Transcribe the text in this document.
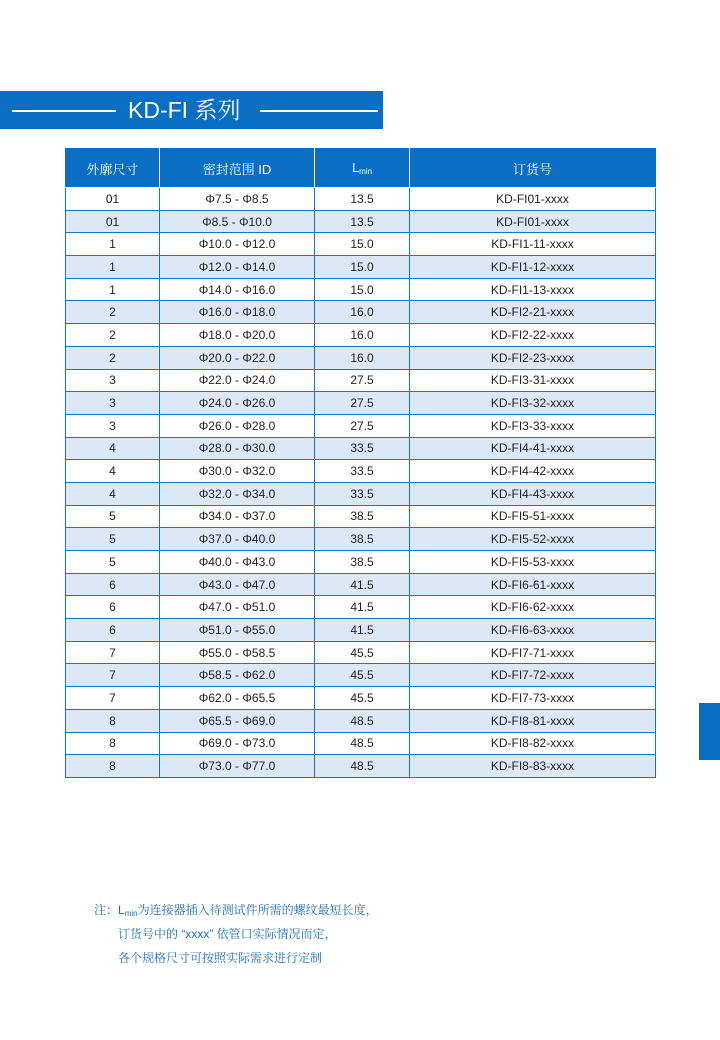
KD-FI 系列
外廓尺寸	密封范围 ID	Lmin	订货号
01	Φ7.5 - Φ8.5	13.5	KD-FI01-xxxx
01	Φ8.5 - Φ10.0	13.5	KD-FI01-xxxx
1	Φ10.0 - Φ12.0	15.0	KD-FI1-11-xxxx
1	Φ12.0 - Φ14.0	15.0	KD-FI1-12-xxxx
1	Φ14.0 - Φ16.0	15.0	KD-FI1-13-xxxx
2	Φ16.0 - Φ18.0	16.0	KD-FI2-21-xxxx
2	Φ18.0 - Φ20.0	16.0	KD-FI2-22-xxxx
2	Φ20.0 - Φ22.0	16.0	KD-FI2-23-xxxx
3	Φ22.0 - Φ24.0	27.5	KD-FI3-31-xxxx
3	Φ24.0 - Φ26.0	27.5	KD-FI3-32-xxxx
3	Φ26.0 - Φ28.0	27.5	KD-FI3-33-xxxx
4	Φ28.0 - Φ30.0	33.5	KD-FI4-41-xxxx
4	Φ30.0 - Φ32.0	33.5	KD-FI4-42-xxxx
4	Φ32.0 - Φ34.0	33.5	KD-FI4-43-xxxx
5	Φ34.0 - Φ37.0	38.5	KD-FI5-51-xxxx
5	Φ37.0 - Φ40.0	38.5	KD-FI5-52-xxxx
5	Φ40.0 - Φ43.0	38.5	KD-FI5-53-xxxx
6	Φ43.0 - Φ47.0	41.5	KD-FI6-61-xxxx
6	Φ47.0 - Φ51.0	41.5	KD-FI6-62-xxxx
6	Φ51.0 - Φ55.0	41.5	KD-FI6-63-xxxx
7	Φ55.0 - Φ58.5	45.5	KD-FI7-71-xxxx
7	Φ58.5 - Φ62.0	45.5	KD-FI7-72-xxxx
7	Φ62.0 - Φ65.5	45.5	KD-FI7-73-xxxx
8	Φ65.5 - Φ69.0	48.5	KD-FI8-81-xxxx
8	Φ69.0 - Φ73.0	48.5	KD-FI8-82-xxxx
8	Φ73.0 - Φ77.0	48.5	KD-FI8-83-xxxx
注：Lmin为连接器插入待测试件所需的螺纹最短长度，
订货号中的 “xxxx” 依管口实际情况而定，
各个规格尺寸可按照实际需求进行定制
